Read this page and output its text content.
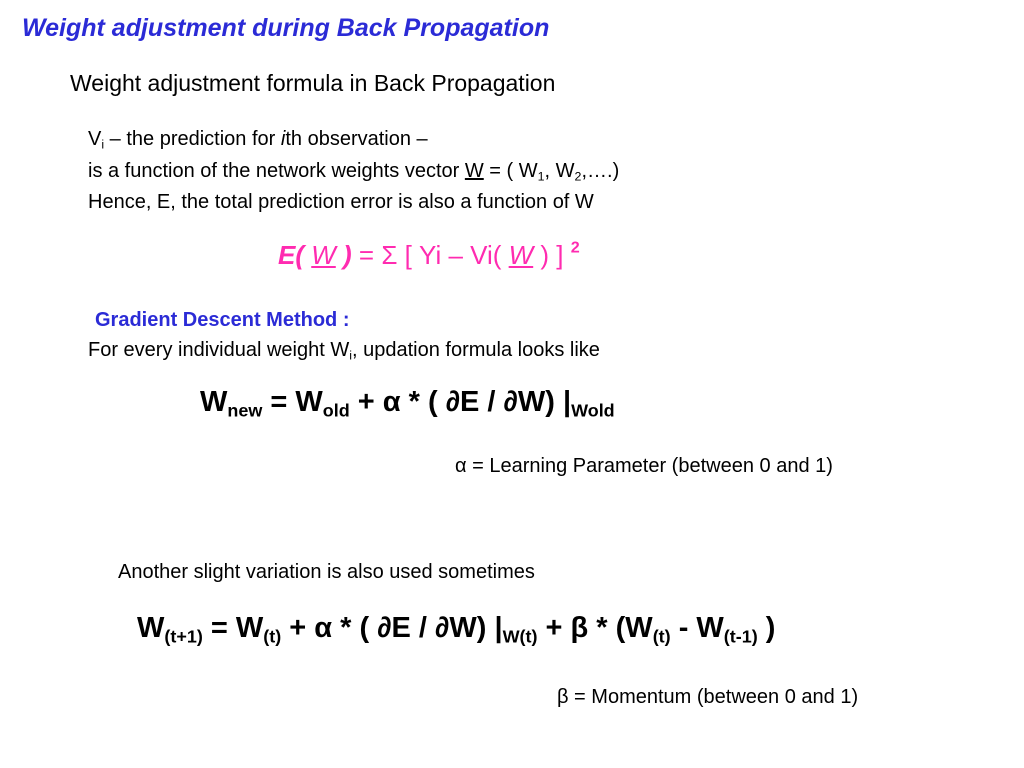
Weight adjustment during Back Propagation
Weight adjustment formula in Back Propagation
$V_i$ – the prediction for ith observation –
is a function of the network weights vector W = ( $W_1$, $W_2,\dots$.)
Hence, E, the total prediction error is also a function of W
E( W ) = Σ [ Yi – Vi( W ) ] $^2$
Gradient Descent Method :
For every individual weight $W_i$, updation formula looks like
$W_{new} = W_{old} + \alpha$ * ( ∂E / ∂W) $|_{Wold}$
α = Learning Parameter (between 0 and 1)
Another slight variation is also used sometimes
$W_{(t+1)} = W_{(t)} + \alpha$ * ( ∂E / ∂W) $|_{W(t)} + \beta * (W_{(t)} - W_{(t-1)}$ )
β = Momentum (between 0 and 1)
